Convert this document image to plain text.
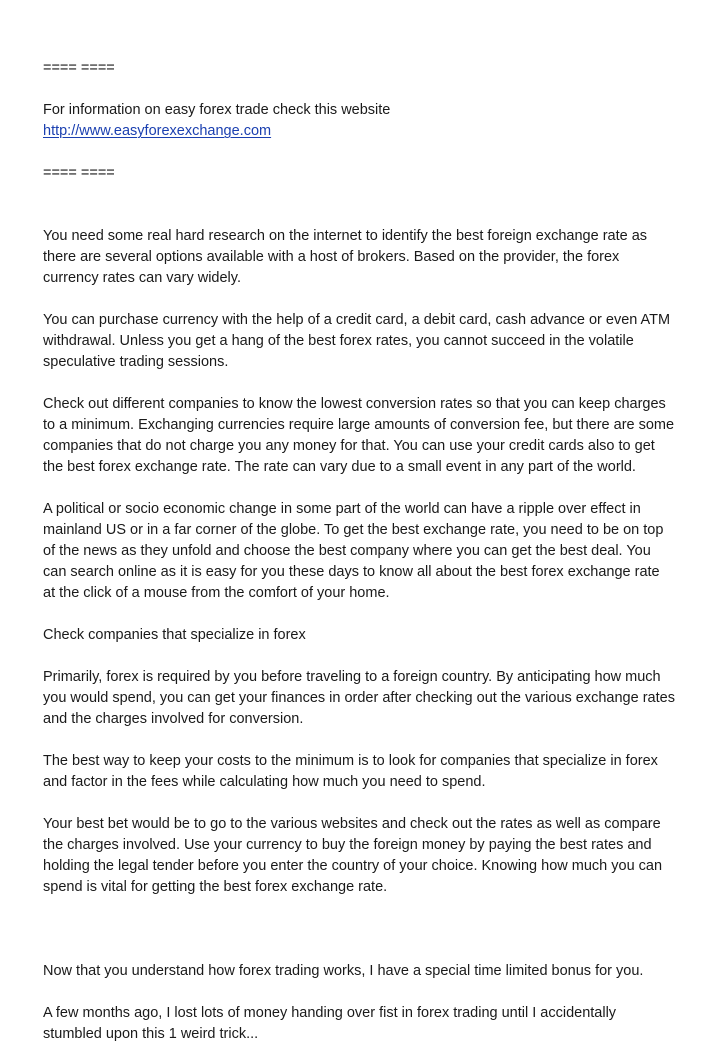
==== ====
For information on easy forex trade check this website
http://www.easyforexexchange.com
==== ====
You need some real hard research on the internet to identify the best foreign exchange rate as
there are several options available with a host of brokers. Based on the provider, the forex
currency rates can vary widely.
You can purchase currency with the help of a credit card, a debit card, cash advance or even ATM
withdrawal. Unless you get a hang of the best forex rates, you cannot succeed in the volatile
speculative trading sessions.
Check out different companies to know the lowest conversion rates so that you can keep charges
to a minimum. Exchanging currencies require large amounts of conversion fee, but there are some
companies that do not charge you any money for that. You can use your credit cards also to get
the best forex exchange rate. The rate can vary due to a small event in any part of the world.
A political or socio economic change in some part of the world can have a ripple over effect in
mainland US or in a far corner of the globe. To get the best exchange rate, you need to be on top
of the news as they unfold and choose the best company where you can get the best deal. You
can search online as it is easy for you these days to know all about the best forex exchange rate
at the click of a mouse from the comfort of your home.
Check companies that specialize in forex
Primarily, forex is required by you before traveling to a foreign country. By anticipating how much
you would spend, you can get your finances in order after checking out the various exchange rates
and the charges involved for conversion.
The best way to keep your costs to the minimum is to look for companies that specialize in forex
and factor in the fees while calculating how much you need to spend.
Your best bet would be to go to the various websites and check out the rates as well as compare
the charges involved. Use your currency to buy the foreign money by paying the best rates and
holding the legal tender before you enter the country of your choice. Knowing how much you can
spend is vital for getting the best forex exchange rate.
Now that you understand how forex trading works, I have a special time limited bonus for you.
A few months ago, I lost lots of money handing over fist in forex trading until I accidentally
stumbled upon this 1 weird trick...
